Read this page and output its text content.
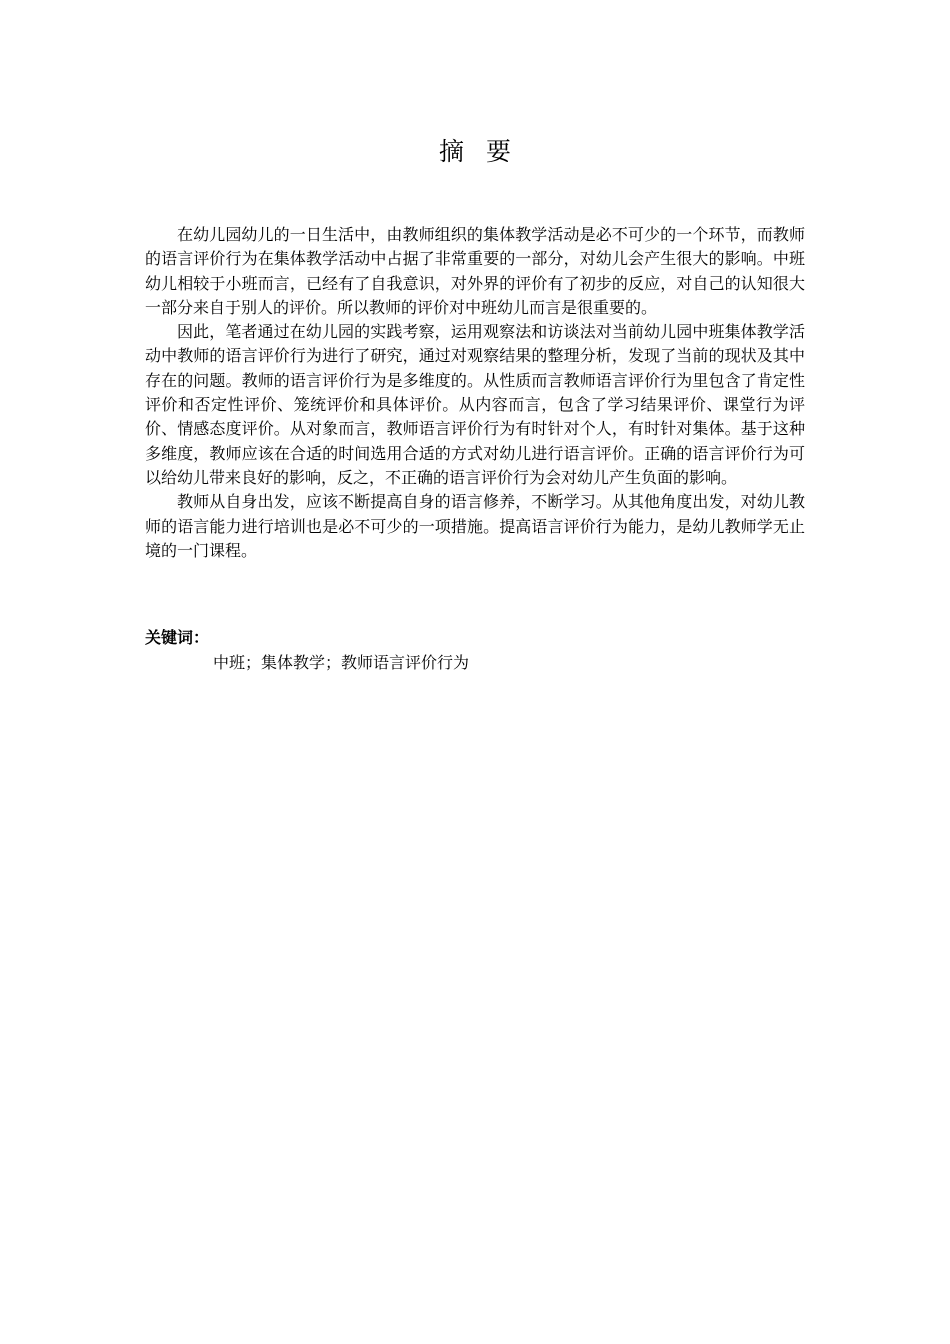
摘要

在幼儿园幼儿的一日生活中，由教师组织的集体教学活动是必不可少的一个环节，而教师的语言评价行为在集体教学活动中占据了非常重要的一部分，对幼儿会产生很大的影响。中班幼儿相较于小班而言，已经有了自我意识，对外界的评价有了初步的反应，对自己的认知很大一部分来自于别人的评价。所以教师的评价对中班幼儿而言是很重要的。

因此，笔者通过在幼儿园的实践考察，运用观察法和访谈法对当前幼儿园中班集体教学活动中教师的语言评价行为进行了研究，通过对观察结果的整理分析，发现了当前的现状及其中存在的问题。教师的语言评价行为是多维度的。从性质而言教师语言评价行为里包含了肯定性评价和否定性评价、笼统评价和具体评价。从内容而言，包含了学习结果评价、课堂行为评价、情感态度评价。从对象而言，教师语言评价行为有时针对个人，有时针对集体。基于这种多维度，教师应该在合适的时间选用合适的方式对幼儿进行语言评价。正确的语言评价行为可以给幼儿带来良好的影响，反之，不正确的语言评价行为会对幼儿产生负面的影响。

教师从自身出发，应该不断提高自身的语言修养，不断学习。从其他角度出发，对幼儿教师的语言能力进行培训也是必不可少的一项措施。提高语言评价行为能力，是幼儿教师学无止境的一门课程。

关键词：
中班；集体教学；教师语言评价行为
